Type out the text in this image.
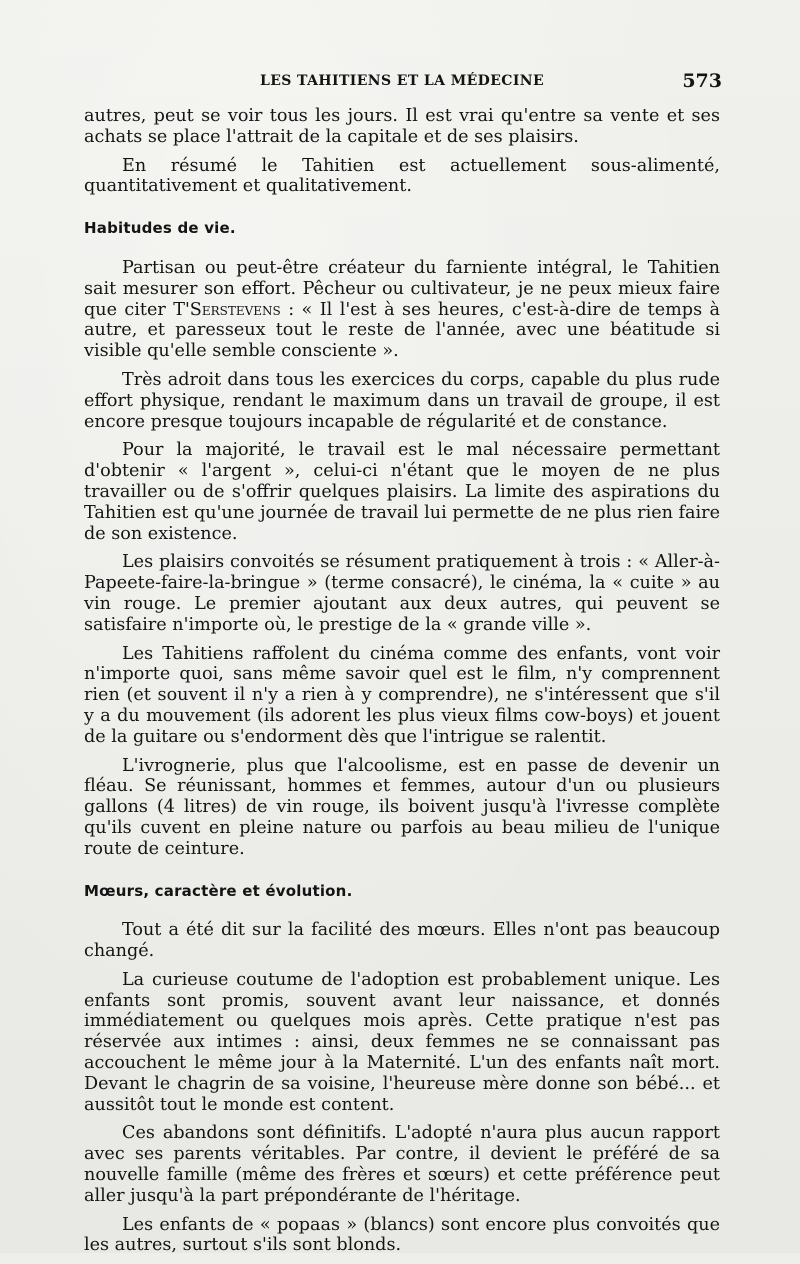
LES TAHITIENS ET LA MÉDECINE	573

autres, peut se voir tous les jours. Il est vrai qu'entre sa vente et ses achats se place l'attrait de la capitale et de ses plaisirs.

En résumé le Tahitien est actuellement sous-alimenté, quantitativement et qualitativement.

Habitudes de vie.

Partisan ou peut-être créateur du farniente intégral, le Tahitien sait mesurer son effort. Pêcheur ou cultivateur, je ne peux mieux faire que citer T'Serstevens : « Il l'est à ses heures, c'est-à-dire de temps à autre, et paresseux tout le reste de l'année, avec une béatitude si visible qu'elle semble consciente ».

Très adroit dans tous les exercices du corps, capable du plus rude effort physique, rendant le maximum dans un travail de groupe, il est encore presque toujours incapable de régularité et de constance.

Pour la majorité, le travail est le mal nécessaire permettant d'obtenir « l'argent », celui-ci n'étant que le moyen de ne plus travailler ou de s'offrir quelques plaisirs. La limite des aspirations du Tahitien est qu'une journée de travail lui permette de ne plus rien faire de son existence.

Les plaisirs convoités se résument pratiquement à trois : « Aller-à-Papeete-faire-la-bringue » (terme consacré), le cinéma, la « cuite » au vin rouge. Le premier ajoutant aux deux autres, qui peuvent se satisfaire n'importe où, le prestige de la « grande ville ».

Les Tahitiens raffolent du cinéma comme des enfants, vont voir n'importe quoi, sans même savoir quel est le film, n'y comprennent rien (et souvent il n'y a rien à y comprendre), ne s'intéressent que s'il y a du mouvement (ils adorent les plus vieux films cow-boys) et jouent de la guitare ou s'endorment dès que l'intrigue se ralentit.

L'ivrognerie, plus que l'alcoolisme, est en passe de devenir un fléau. Se réunissant, hommes et femmes, autour d'un ou plusieurs gallons (4 litres) de vin rouge, ils boivent jusqu'à l'ivresse complète qu'ils cuvent en pleine nature ou parfois au beau milieu de l'unique route de ceinture.

Mœurs, caractère et évolution.

Tout a été dit sur la facilité des mœurs. Elles n'ont pas beaucoup changé.

La curieuse coutume de l'adoption est probablement unique. Les enfants sont promis, souvent avant leur naissance, et donnés immédiatement ou quelques mois après. Cette pratique n'est pas réservée aux intimes : ainsi, deux femmes ne se connaissant pas accouchent le même jour à la Maternité. L'un des enfants naît mort. Devant le chagrin de sa voisine, l'heureuse mère donne son bébé... et aussitôt tout le monde est content.

Ces abandons sont définitifs. L'adopté n'aura plus aucun rapport avec ses parents véritables. Par contre, il devient le préféré de sa nouvelle famille (même des frères et sœurs) et cette préférence peut aller jusqu'à la part prépondérante de l'héritage.

Les enfants de « popaas » (blancs) sont encore plus convoités que les autres, surtout s'ils sont blonds.
